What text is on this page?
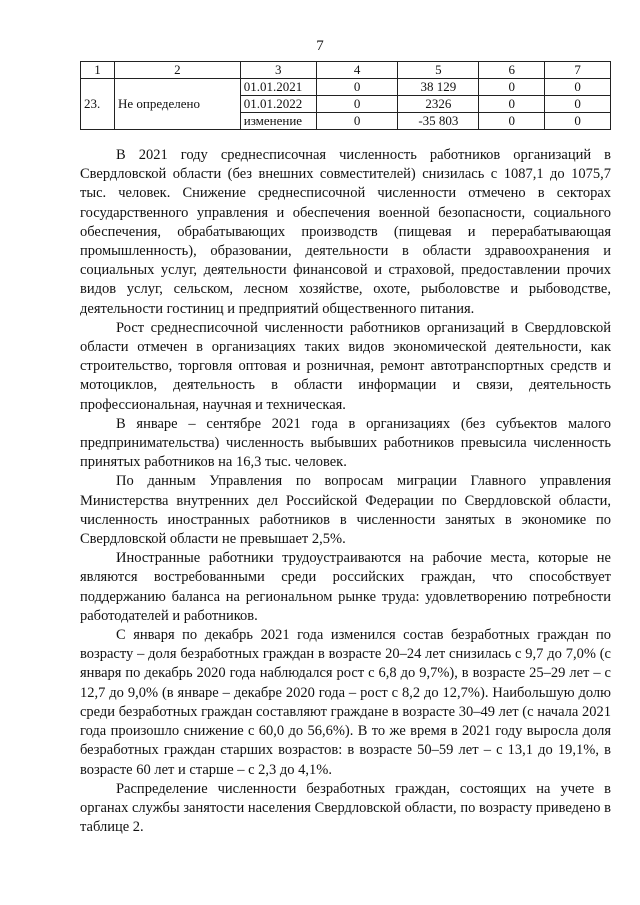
7
1	2	3	4	5	6	7
23.	Не определено	01.01.2021	0	38 129	0	0
		01.01.2022	0	2326	0	0
		изменение	0	-35 803	0	0

В 2021 году среднесписочная численность работников организаций в Свердловской области (без внешних совместителей) снизилась с 1087,1 до 1075,7 тыс. человек. Снижение среднесписочной численности отмечено в секторах государственного управления и обеспечения военной безопасности, социального обеспечения, обрабатывающих производств (пищевая и перерабатывающая промышленность), образовании, деятельности в области здравоохранения и социальных услуг, деятельности финансовой и страховой, предоставлении прочих видов услуг, сельском, лесном хозяйстве, охоте, рыболовстве и рыбоводстве, деятельности гостиниц и предприятий общественного питания.

Рост среднесписочной численности работников организаций в Свердловской области отмечен в организациях таких видов экономической деятельности, как строительство, торговля оптовая и розничная, ремонт автотранспортных средств и мотоциклов, деятельность в области информации и связи, деятельность профессиональная, научная и техническая.

В январе – сентябре 2021 года в организациях (без субъектов малого предпринимательства) численность выбывших работников превысила численность принятых работников на 16,3 тыс. человек.

По данным Управления по вопросам миграции Главного управления Министерства внутренних дел Российской Федерации по Свердловской области, численность иностранных работников в численности занятых в экономике по Свердловской области не превышает 2,5%.

Иностранные работники трудоустраиваются на рабочие места, которые не являются востребованными среди российских граждан, что способствует поддержанию баланса на региональном рынке труда: удовлетворению потребности работодателей и работников.

С января по декабрь 2021 года изменился состав безработных граждан по возрасту – доля безработных граждан в возрасте 20–24 лет снизилась с 9,7 до 7,0% (с января по декабрь 2020 года наблюдался рост с 6,8 до 9,7%), в возрасте 25–29 лет – с 12,7 до 9,0% (в январе – декабре 2020 года – рост с 8,2 до 12,7%). Наибольшую долю среди безработных граждан составляют граждане в возрасте 30–49 лет (с начала 2021 года произошло снижение с 60,0 до 56,6%). В то же время в 2021 году выросла доля безработных граждан старших возрастов: в возрасте 50–59 лет – с 13,1 до 19,1%, в возрасте 60 лет и старше – с 2,3 до 4,1%.

Распределение численности безработных граждан, состоящих на учете в органах службы занятости населения Свердловской области, по возрасту приведено в таблице 2.
